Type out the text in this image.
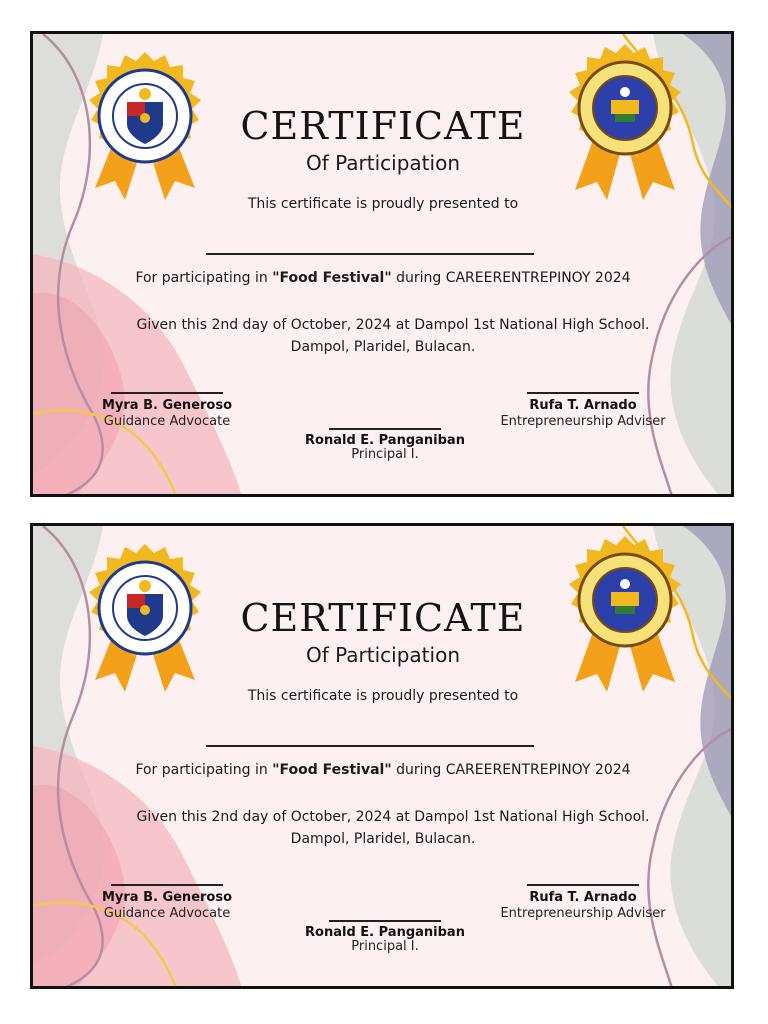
CERTIFICATE
Of Participation
This certificate is proudly presented to
For participating in "Food Festival" during CAREERENTREPINOY 2024
Given this 2nd day of October, 2024 at Dampol 1st National High School.
Dampol, Plaridel, Bulacan.
Myra B. Generoso
Guidance Advocate
Rufa T. Arnado
Entrepreneurship Adviser
Ronald E. Panganiban
Principal I.
CERTIFICATE
Of Participation
This certificate is proudly presented to
For participating in "Food Festival" during CAREERENTREPINOY 2024
Given this 2nd day of October, 2024 at Dampol 1st National High School.
Dampol, Plaridel, Bulacan.
Myra B. Generoso
Guidance Advocate
Rufa T. Arnado
Entrepreneurship Adviser
Ronald E. Panganiban
Principal I.
